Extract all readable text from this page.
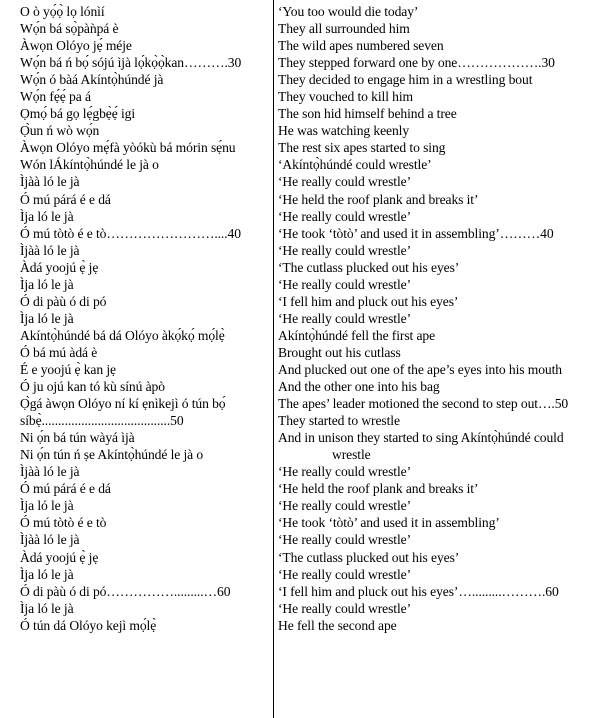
O ò yọ́ọ̀ lọ lónìí
Wọ́n bá sọ̀pàǹpá è
Àwọn Olóyo jẹ́ méje
Wọ́n bá ń bọ́ sójú ìjà lọ́kọ̀ọ̀kan……….30
Wọ́n ó bàá Akíntọ̀húndé jà
Wọ́n fẹ́ẹ́ pa á
Ọmọ́ bá gọ lẹ́gbẹ̀ẹ́ igi
Ọ̀un ń wò wọ́n
Àwọn Olóyo mẹ́fà yòókù bá mórin sẹ́nu
Wón lÁkíntọ̀húndé le jà o
Ìjàà ló le jà
Ó mú párá é e dá
Ìja ló le jà
Ó mú tòtò é e tò……………………....40
Ìjàà ló le jà
Àdá yoojú ẹ̀ jẹ
Ìja ló le jà
Ó di pàù ó di pó
Ìja ló le jà
Akíntọ̀húndé bá dá Olóyo àkọ́kọ́ mọ́lẹ̀
Ó bá mú àdá è
É e yoojú ẹ̀ kan jẹ
Ó ju ojú kan tó kù sínú àpò
Ọ̀gá àwọn Olóyo ní kí ẹnìkejì ó tún bọ́ síbẹ̀.......................................50
Ni ọ́n bá tún wàyá ìjà
Ni ọ́n tún ń ṣe Akíntọ̀húndé le jà o
Ìjàà ló le jà
Ó mú párá é e dá
Ìja ló le jà
Ó mú tòtò é e tò
Ìjàà ló le jà
Àdá yoojú ẹ̀ jẹ
Ìja ló le jà
Ó di pàù ó di pó…………….........…60
Ìja ló le jà
Ó tún dá Olóyo kejì mọ́lẹ̀
‘You too would die today’
They all surrounded him
The wild apes numbered seven
They stepped forward one by one……………….30
They decided to engage him in a wrestling bout
They vouched to kill him
The son hid himself behind a tree
He was watching keenly
The rest six apes started to sing
‘Akíntọ̀húndé could wrestle’
‘He really could wrestle’
‘He held the roof plank and breaks it’
‘He really could wrestle’
‘He took ‘tòtò’ and used it in assembling’………40
‘He really could wrestle’
‘The cutlass plucked out his eyes’
‘He really could wrestle’
‘I fell him and pluck out his eyes’
‘He really could wrestle’
Akíntọ̀húndé fell the first ape
Brought out his cutlass
And plucked out one of the ape’s eyes into his mouth
And the other one into his bag
The apes’ leader motioned the second to step out….50
They started to wrestle
And in unison they started to sing Akíntọ̀húndé could
wrestle
‘He really could wrestle’
‘He held the roof plank and breaks it’
‘He really could wrestle’
‘He took ‘tòtò’ and used it in assembling’
‘He really could wrestle’
‘The cutlass plucked out his eyes’
‘He really could wrestle’
‘I fell him and pluck out his eyes’….........……….60
‘He really could wrestle’
He fell the second ape
